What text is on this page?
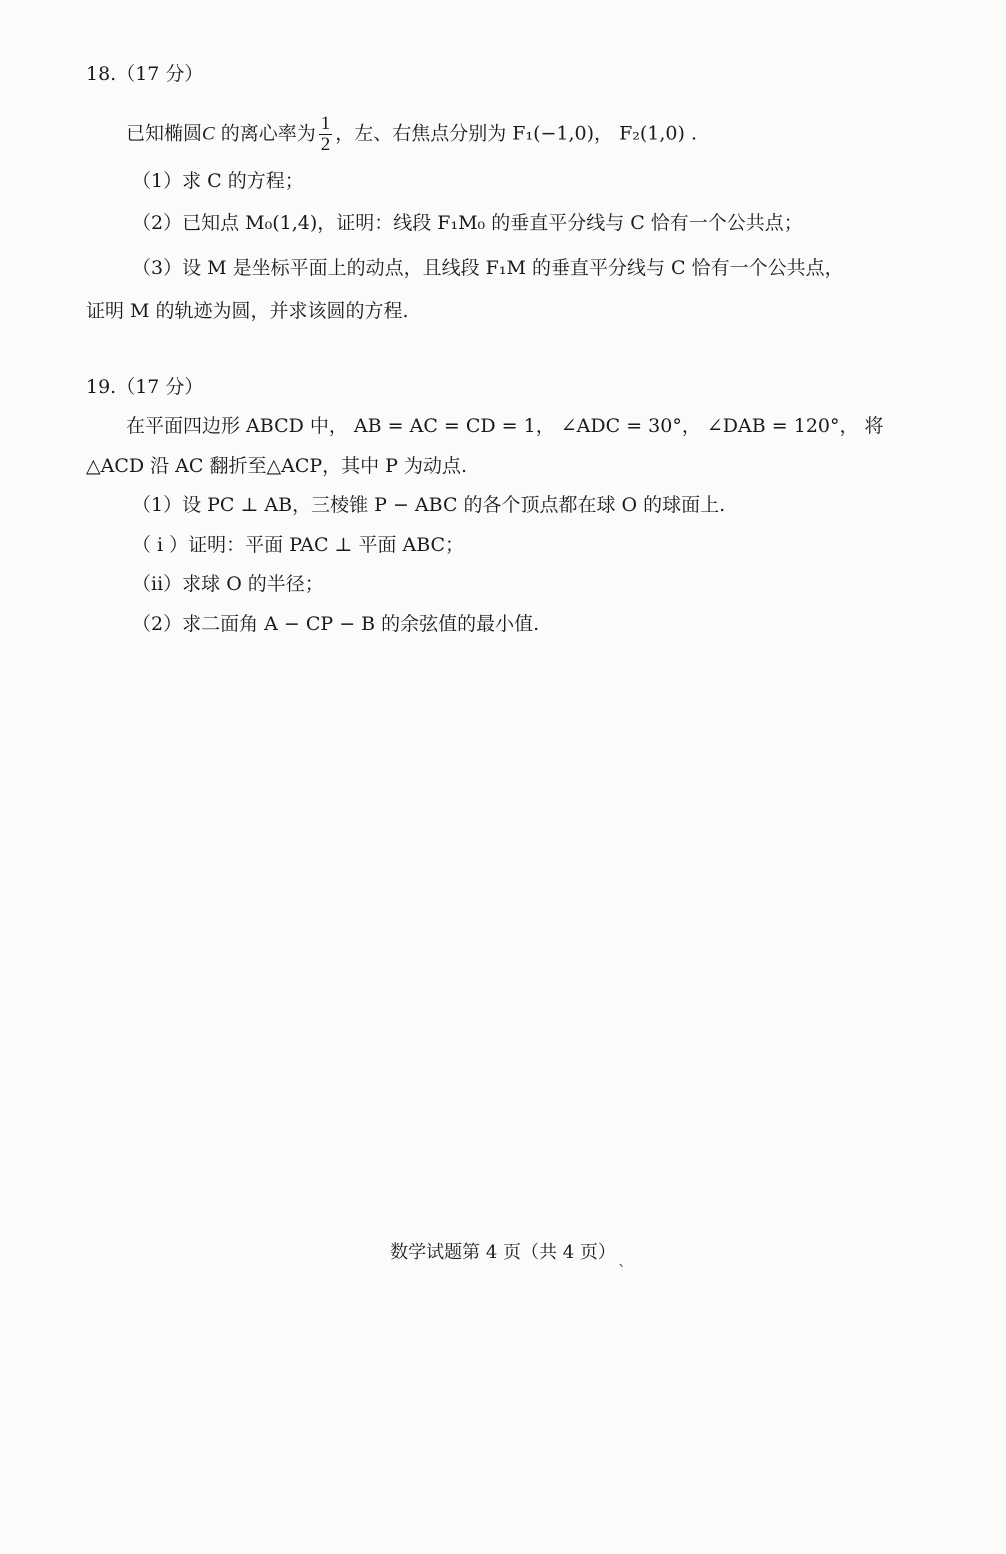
18.（17 分）
已知椭圆C 的离心率为 $\frac{1}{2}$ ，左、右焦点分别为 F₁(−1,0)， F₂(1,0) .
（1）求 C 的方程；
（2）已知点 M₀(1,4)，证明：线段 F₁M₀ 的垂直平分线与 C 恰有一个公共点；
（3）设 M 是坐标平面上的动点，且线段 F₁M 的垂直平分线与 C 恰有一个公共点，
证明 M 的轨迹为圆，并求该圆的方程.
19.（17 分）
在平面四边形 ABCD 中， AB = AC = CD = 1， ∠ADC = 30°， ∠DAB = 120°， 将
△ACD 沿 AC 翻折至△ACP，其中 P 为动点.
（1）设 PC ⊥ AB，三棱锥 P − ABC 的各个顶点都在球 O 的球面上.
（ i ）证明：平面 PAC ⊥ 平面 ABC；
（ii）求球 O 的半径；
（2）求二面角 A − CP − B 的余弦值的最小值.
数学试题第 4 页（共 4 页）
ˋ
